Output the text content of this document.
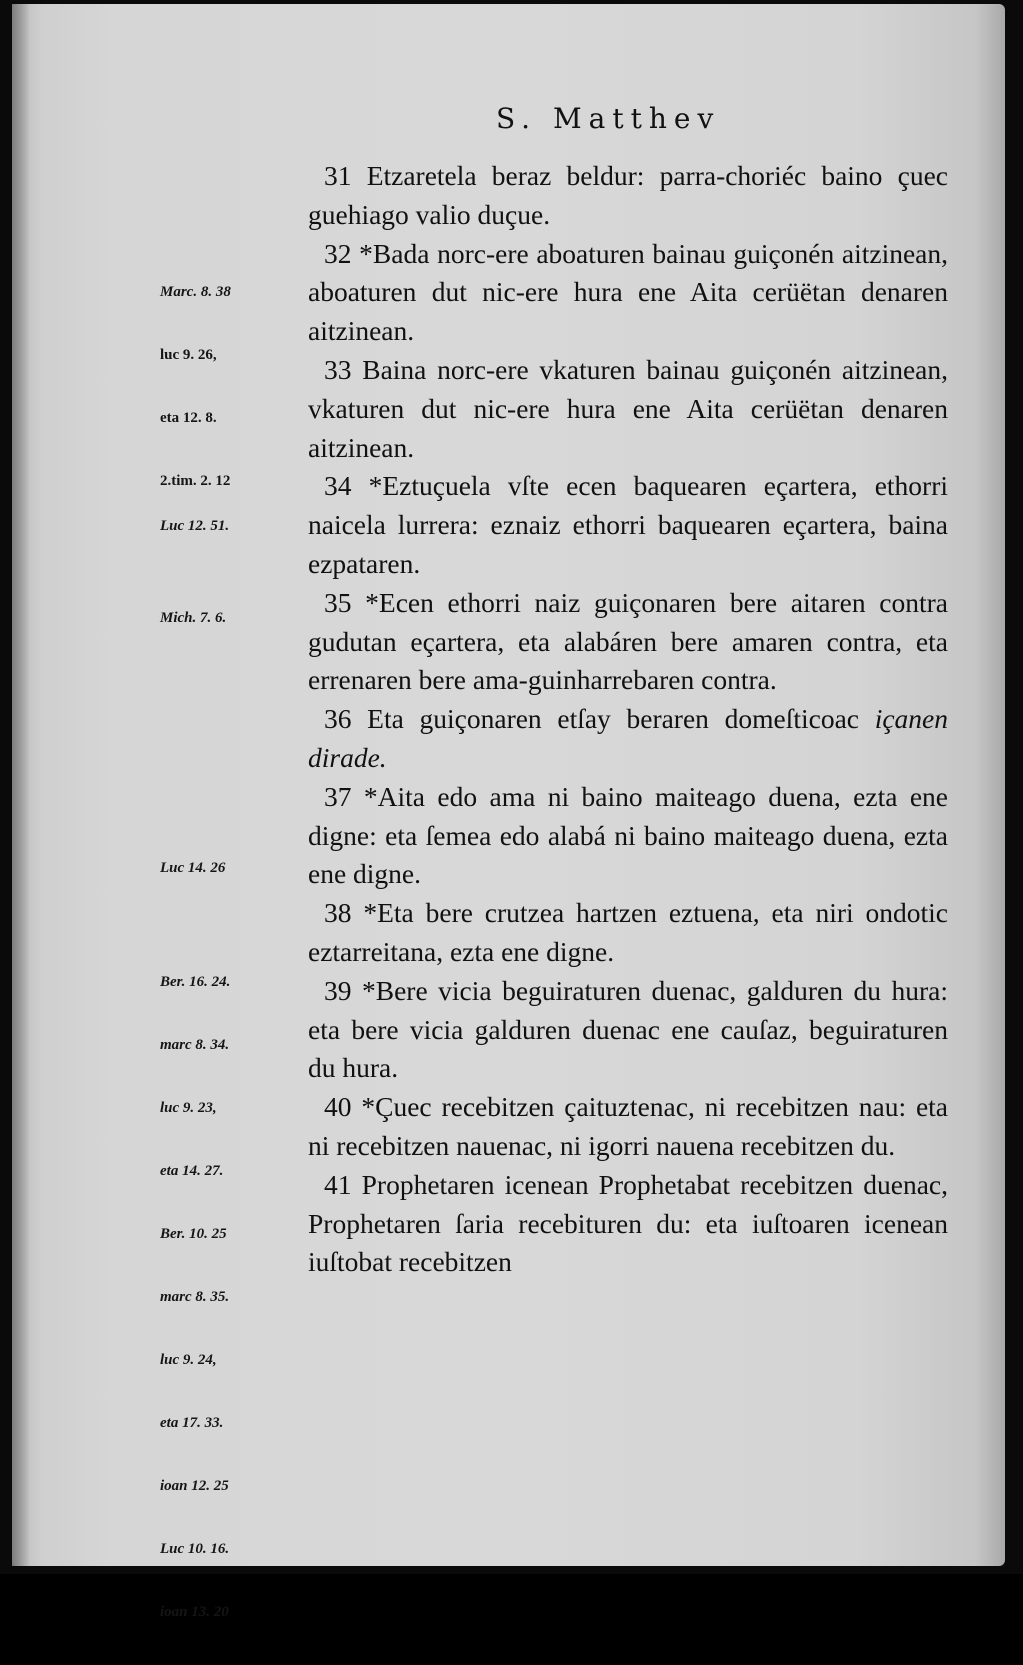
S. Matthev

31 Etzaretela beraz beldur: parra-choriéc baino çuec guehiago valio duçue.

32 *Bada norc-ere aboaturen bainau guiçonén aitzinean, aboaturen dut nic-ere hura ene Aita cerüëtan denaren aitzinean.

33 Baina norc-ere vkaturen bainau guiçonén aitzinean, vkaturen dut nic-ere hura ene Aita cerüëtan denaren aitzinean.

34 *Eztuçuela vſte ecen baquearen eçartera, ethorri naicela lurrera: eznaiz ethorri baquearen eçartera, baina ezpataren.

35 *Ecen ethorri naiz guiçonaren bere aitaren contra gudutan eçartera, eta alabáren bere amaren contra, eta errenaren bere ama-guinharrebaren contra.

36 Eta guiçonaren etſay beraren domeſticoac içanen dirade.

37 *Aita edo ama ni baino maiteago duena, ezta ene digne: eta ſemea edo alabá ni baino maiteago duena, ezta ene digne.

38 *Eta bere crutzea hartzen eztuena, eta niri ondotic eztarreitana, ezta ene digne.

39 *Bere vicia beguiraturen duenac, galduren du hura: eta bere vicia galduren duenac ene cauſaz, beguiraturen du hura.

40 *Çuec recebitzen çaituztenac, ni recebitzen nau: eta ni recebitzen nauenac, ni igorri nauena recebitzen du.

41 Prophetaren icenean Prophetabat recebitzen duenac, Prophetaren ſaria recebituren du: eta iuſtoaren icenean iuſtobat recebitzen

Marc. 8. 38

luc 9. 26,

eta 12. 8.

2.tim. 2. 12

Luc 12. 51.

Mich. 7. 6.

Luc 14. 26

Ber. 16. 24.

marc 8. 34.

luc 9. 23,

eta 14. 27.

Ber. 10. 25

marc 8. 35.

luc 9. 24,

eta 17. 33.

ioan 12. 25

Luc 10. 16.

ioan 13. 20
